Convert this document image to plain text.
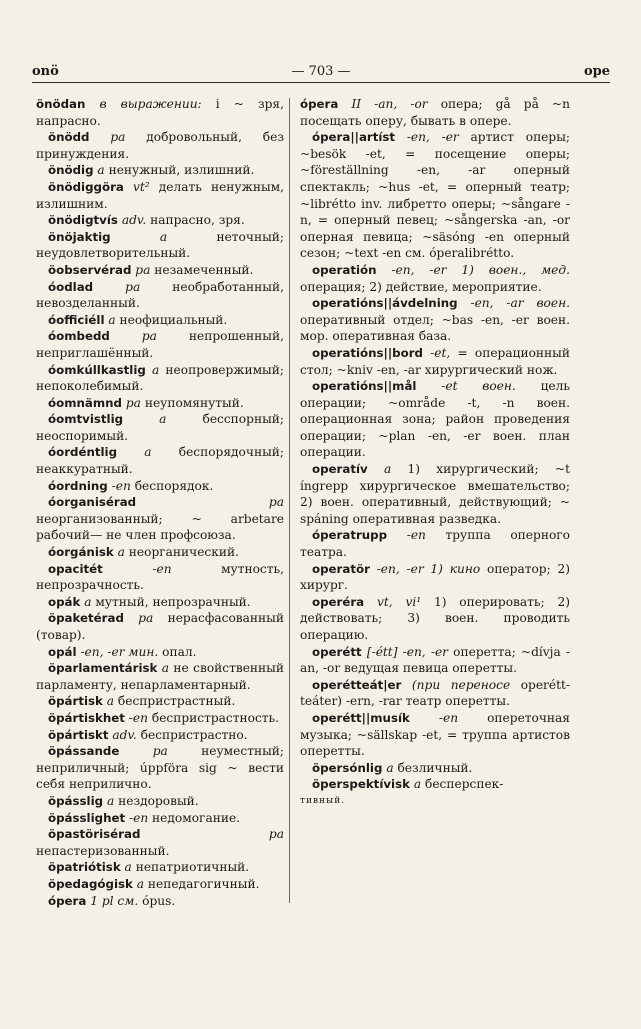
onö	— 703 —	ope
önödan в выражении: i ~ зря, напрасно.
önödd pa добровольный, без принуждения.
önödig a ненужный, излишний.
önödiggöra vt² делать ненужным, излишним.
önödigtvís adv. напрасно, зря.
önöjaktig	a неточный; неудовлетворительный.
öobservérad pa незамеченный.
óodlad	pa необработанный, невозделанный.
óofficiéll a неофициальный.
óombedd	pa непрошенный, неприглашённый.
óomkúllkastlig a неопровержимый; непоколебимый.
óomnämnd pa неупомянутый.
óomtvistlig	a бесспорный; неоспоримый.
óordéntlig a беспорядочный; неаккуратный.
óordning -en беспорядок.
óorganisérad	pa неорганизованный; ~ arbetare рабочий— не член профсоюза.
óorgánisk a неорганический.
opacitét	-en мутность, непрозрачность.
opák a мутный, непрозрачный.
öpaketérad pa нерасфасованный (товар).
opál -en, -er мин. опал.
öparlamentárisk a не свойственный парламенту, непарламентарный.
öpártisk a беспристрастный.
öpártiskhet -en беспристрастность.
öpártiskt adv. беспристрастно.
öpássande	pa неуместный; неприличный; úppföra sig ~ вести себя неприлично.
öpásslig a нездоровый.
öpásslighet -en недомогание.
öpastörisérad	pa непастеризованный.
öpatriótisk a непатриотичный.
öpedagógisk a непедагогичный.
ópera 1 pl см. ópus.
ópera II -an, -or опера; gå på ~n посещать оперу, бывать в опере.
ópera||artíst -en, -er артист оперы; ~besök -et, = посещение оперы; ~föreställning -en, -ar оперный спектакль; ~hus -et, = оперный театр; ~librétto inv. либретто оперы; ~sångare -n, = оперный певец; ~sångerska -an, -or оперная певица; ~säsóng -en оперный сезон; ~text -en см. óperalibrétto.
operatión -en, -er 1) воен., мед. операция; 2) действие, мероприятие.
operatións||ávdelning -en, -ar воен. оперативный отдел; ~bas -en, -er воен. мор. оперативная база.
operatións||bord -et, = операционный стол; ~kniv -en, -ar хирургический нож.
operatións||mål -et воен. цель операции; ~område -t, -n воен. операционная зона; район проведения операции; ~plan -en, -er воен. план операции.
operatív a 1) хирургический; ~t íngrepp хирургическое вмешательство; 2) воен. оперативный, действующий; ~ spáning оперативная разведка.
óperatrupp -en труппа оперного театра.
operatör -en, -er 1) кино оператор; 2) хирург.
operéra vt, vi¹ 1) оперировать; 2) действовать; 3) воен. проводить операцию.
operétt [-étt] -en, -er оперетта; ~dívja -an, -or ведущая певица оперетты.
operétteát|er (при переносе operétt-teáter) -ern, -rar театр оперетты.
operétt||musík -en опереточная музыка; ~sällskap -et, = труппа артистов оперетты.
öpersónlig a безличный.
öperspektívisk a бесперспек-
тивный.
